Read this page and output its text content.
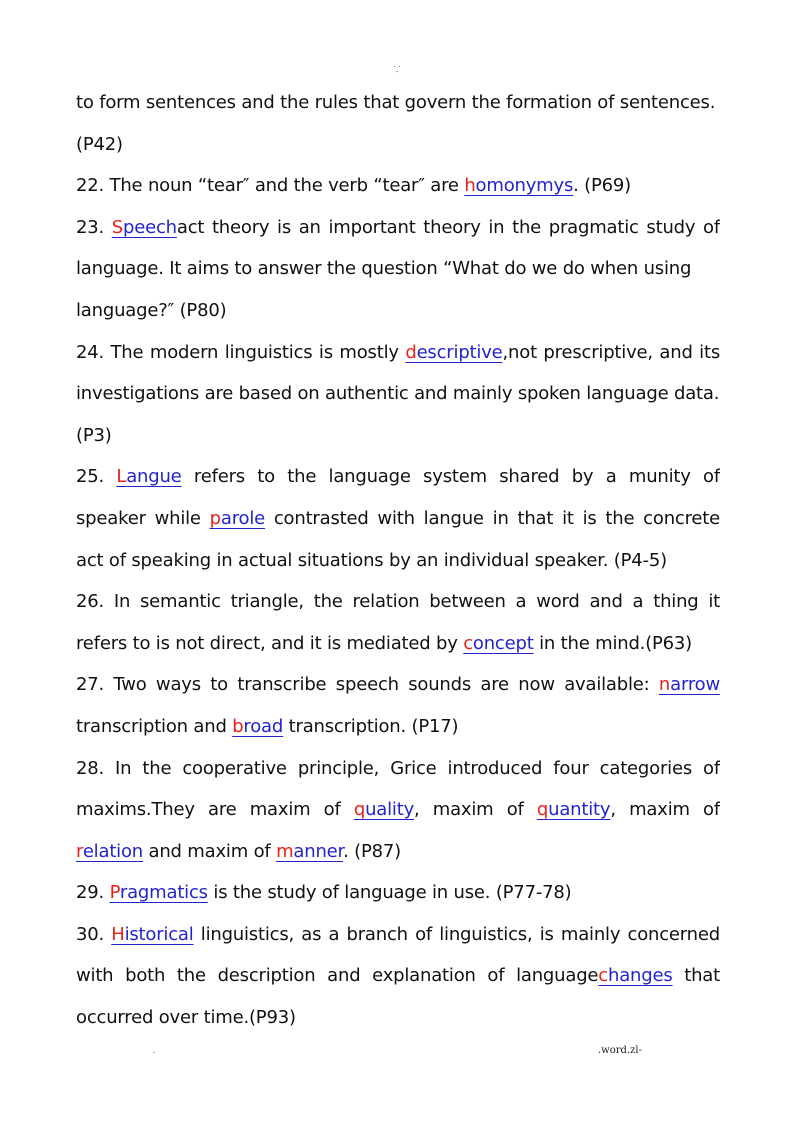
. .
-
to form sentences and the rules that govern the formation of sentences.
(P42)
22. The noun “tear″ and the verb “tear″ are homonymys. (P69)
23. Speechact theory is an important theory in the pragmatic study of
language. It aims to answer the question “What do we do when using
language?″ (P80)
24. The modern linguistics is mostly descriptive,not prescriptive, and its
investigations are based on authentic and mainly spoken language data.
(P3)
25. Langue refers to the language system shared by a munity of
speaker while parole contrasted with langue in that it is the concrete
act of speaking in actual situations by an individual speaker. (P4-5)
26. In semantic triangle, the relation between a word and a thing it
refers to is not direct, and it is mediated by concept in the mind.(P63)
27. Two ways to transcribe speech sounds are now available: narrow
transcription and broad transcription. (P17)
28. In the cooperative principle, Grice introduced four categories of
maxims.They are maxim of quality, maxim of quantity, maxim of
relation and maxim of manner. (P87)
29. Pragmatics is the study of language in use. (P77-78)
30. Historical linguistics, as a branch of linguistics, is mainly concerned
with both the description and explanation of languagechanges that
occurred over time.(P93)
.	.word.zl-
